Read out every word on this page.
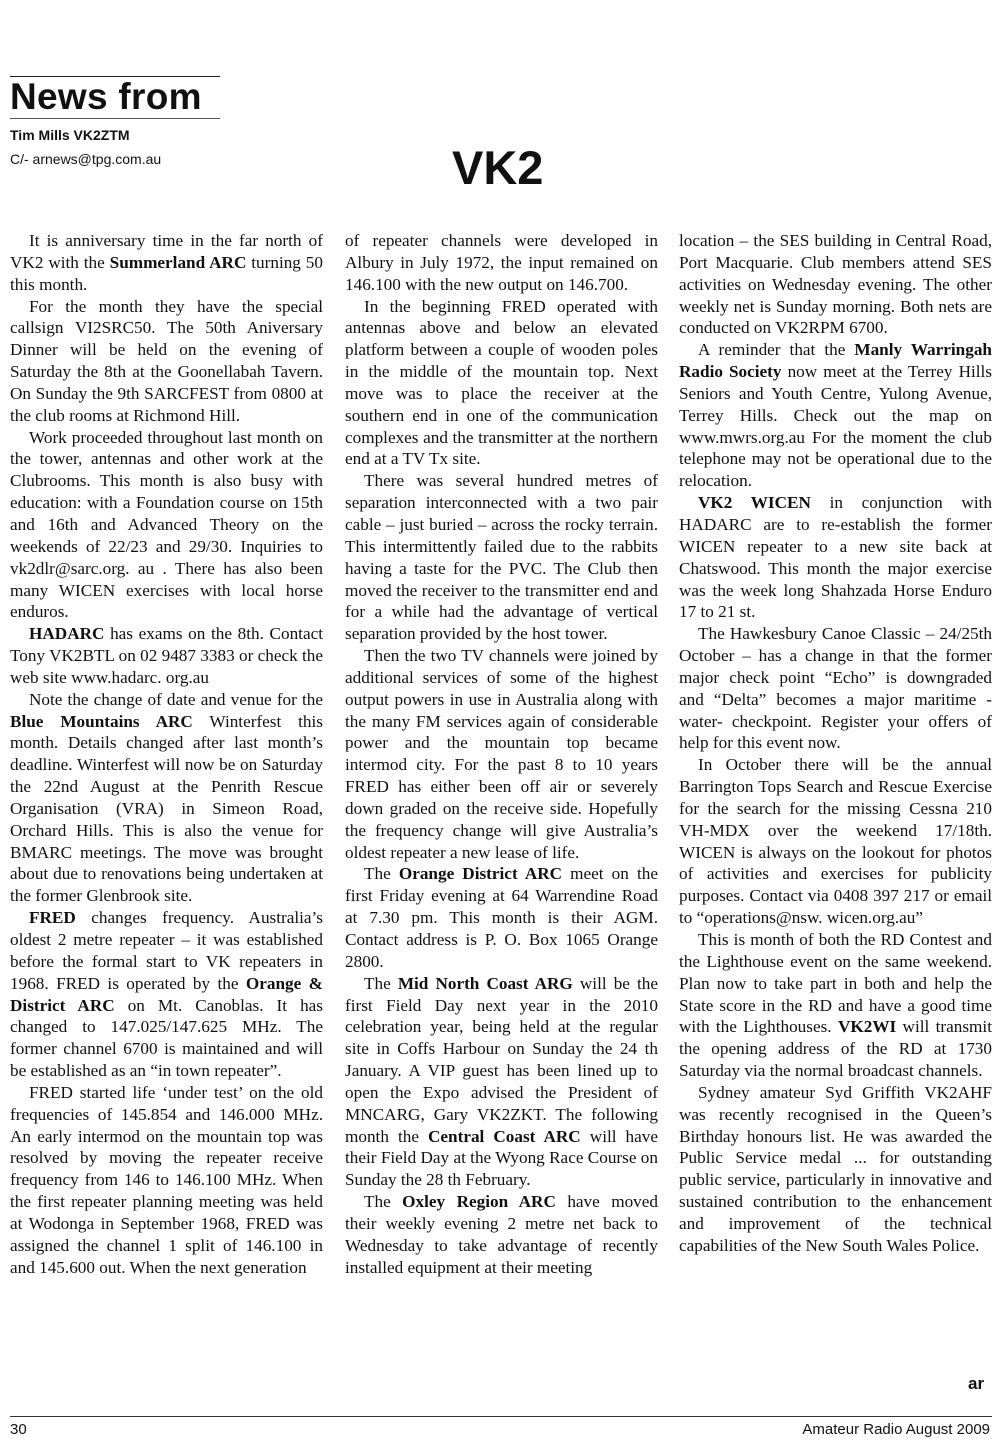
News from
Tim Mills VK2ZTM
C/- arnews@tpg.com.au	VK2

It is anniversary time in the far north of VK2 with the Summerland ARC turning 50 this month.

For the month they have the special callsign VI2SRC50. The 50th Aniversary Dinner will be held on the evening of Saturday the 8th at the Goonellabah Tavern. On Sunday the 9th SARCFEST from 0800 at the club rooms at Richmond Hill.

Work proceeded throughout last month on the tower, antennas and other work at the Clubrooms. This month is also busy with education: with a Foundation course on 15th and 16th and Advanced Theory on the weekends of 22/23 and 29/30. Inquiries to vk2dlr@sarc.org. au . There has also been many WICEN exercises with local horse enduros.

HADARC has exams on the 8th. Contact Tony VK2BTL on 02 9487 3383 or check the web site www.hadarc. org.au

Note the change of date and venue for the Blue Mountains ARC Winterfest this month. Details changed after last month’s deadline. Winterfest will now be on Saturday the 22nd August at the Penrith Rescue Organisation (VRA) in Simeon Road, Orchard Hills. This is also the venue for BMARC meetings. The move was brought about due to renovations being undertaken at the former Glenbrook site.

FRED changes frequency. Australia’s oldest 2 metre repeater – it was established before the formal start to VK repeaters in 1968. FRED is operated by the Orange & District ARC on Mt. Canoblas. It has changed to 147.025/147.625 MHz. The former channel 6700 is maintained and will be established as an “in town repeater”.

FRED started life ‘under test’ on the old frequencies of 145.854 and 146.000 MHz. An early intermod on the mountain top was resolved by moving the repeater receive frequency from 146 to 146.100 MHz. When the first repeater planning meeting was held at Wodonga in September 1968, FRED was assigned the channel 1 split of 146.100 in and 145.600 out. When the next generation

of repeater channels were developed in Albury in July 1972, the input remained on 146.100 with the new output on 146.700.

In the beginning FRED operated with antennas above and below an elevated platform between a couple of wooden poles in the middle of the mountain top. Next move was to place the receiver at the southern end in one of the communication complexes and the transmitter at the northern end at a TV Tx site.

There was several hundred metres of separation interconnected with a two pair cable – just buried – across the rocky terrain. This intermittently failed due to the rabbits having a taste for the PVC. The Club then moved the receiver to the transmitter end and for a while had the advantage of vertical separation provided by the host tower.

Then the two TV channels were joined by additional services of some of the highest output powers in use in Australia along with the many FM services again of considerable power and the mountain top became intermod city. For the past 8 to 10 years FRED has either been off air or severely down graded on the receive side. Hopefully the frequency change will give Australia’s oldest repeater a new lease of life.

The Orange District ARC meet on the first Friday evening at 64 Warrendine Road at 7.30 pm. This month is their AGM. Contact address is P. O. Box 1065 Orange 2800.

The Mid North Coast ARG will be the first Field Day next year in the 2010 celebration year, being held at the regular site in Coffs Harbour on Sunday the 24 th January. A VIP guest has been lined up to open the Expo advised the President of MNCARG, Gary VK2ZKT. The following month the Central Coast ARC will have their Field Day at the Wyong Race Course on Sunday the 28 th February.

The Oxley Region ARC have moved their weekly evening 2 metre net back to Wednesday to take advantage of recently installed equipment at their meeting

location – the SES building in Central Road, Port Macquarie. Club members attend SES activities on Wednesday evening. The other weekly net is Sunday morning. Both nets are conducted on VK2RPM 6700.

A reminder that the Manly Warringah Radio Society now meet at the Terrey Hills Seniors and Youth Centre, Yulong Avenue, Terrey Hills. Check out the map on www.mwrs.org.au For the moment the club telephone may not be operational due to the relocation.

VK2 WICEN in conjunction with HADARC are to re-establish the former WICEN repeater to a new site back at Chatswood. This month the major exercise was the week long Shahzada Horse Enduro 17 to 21 st.

The Hawkesbury Canoe Classic – 24/25th October – has a change in that the former major check point “Echo” is downgraded and “Delta” becomes a major maritime -water- checkpoint. Register your offers of help for this event now.

In October there will be the annual Barrington Tops Search and Rescue Exercise for the search for the missing Cessna 210 VH-MDX over the weekend 17/18th. WICEN is always on the lookout for photos of activities and exercises for publicity purposes. Contact via 0408 397 217 or email to “operations@nsw. wicen.org.au”

This is month of both the RD Contest and the Lighthouse event on the same weekend. Plan now to take part in both and help the State score in the RD and have a good time with the Lighthouses. VK2WI will transmit the opening address of the RD at 1730 Saturday via the normal broadcast channels.

Sydney amateur Syd Griffith VK2AHF was recently recognised in the Queen’s Birthday honours list. He was awarded the Public Service medal ... for outstanding public service, particularly in innovative and sustained contribution to the enhancement and improvement of the technical capabilities of the New South Wales Police.

ar
30	Amateur Radio August 2009
